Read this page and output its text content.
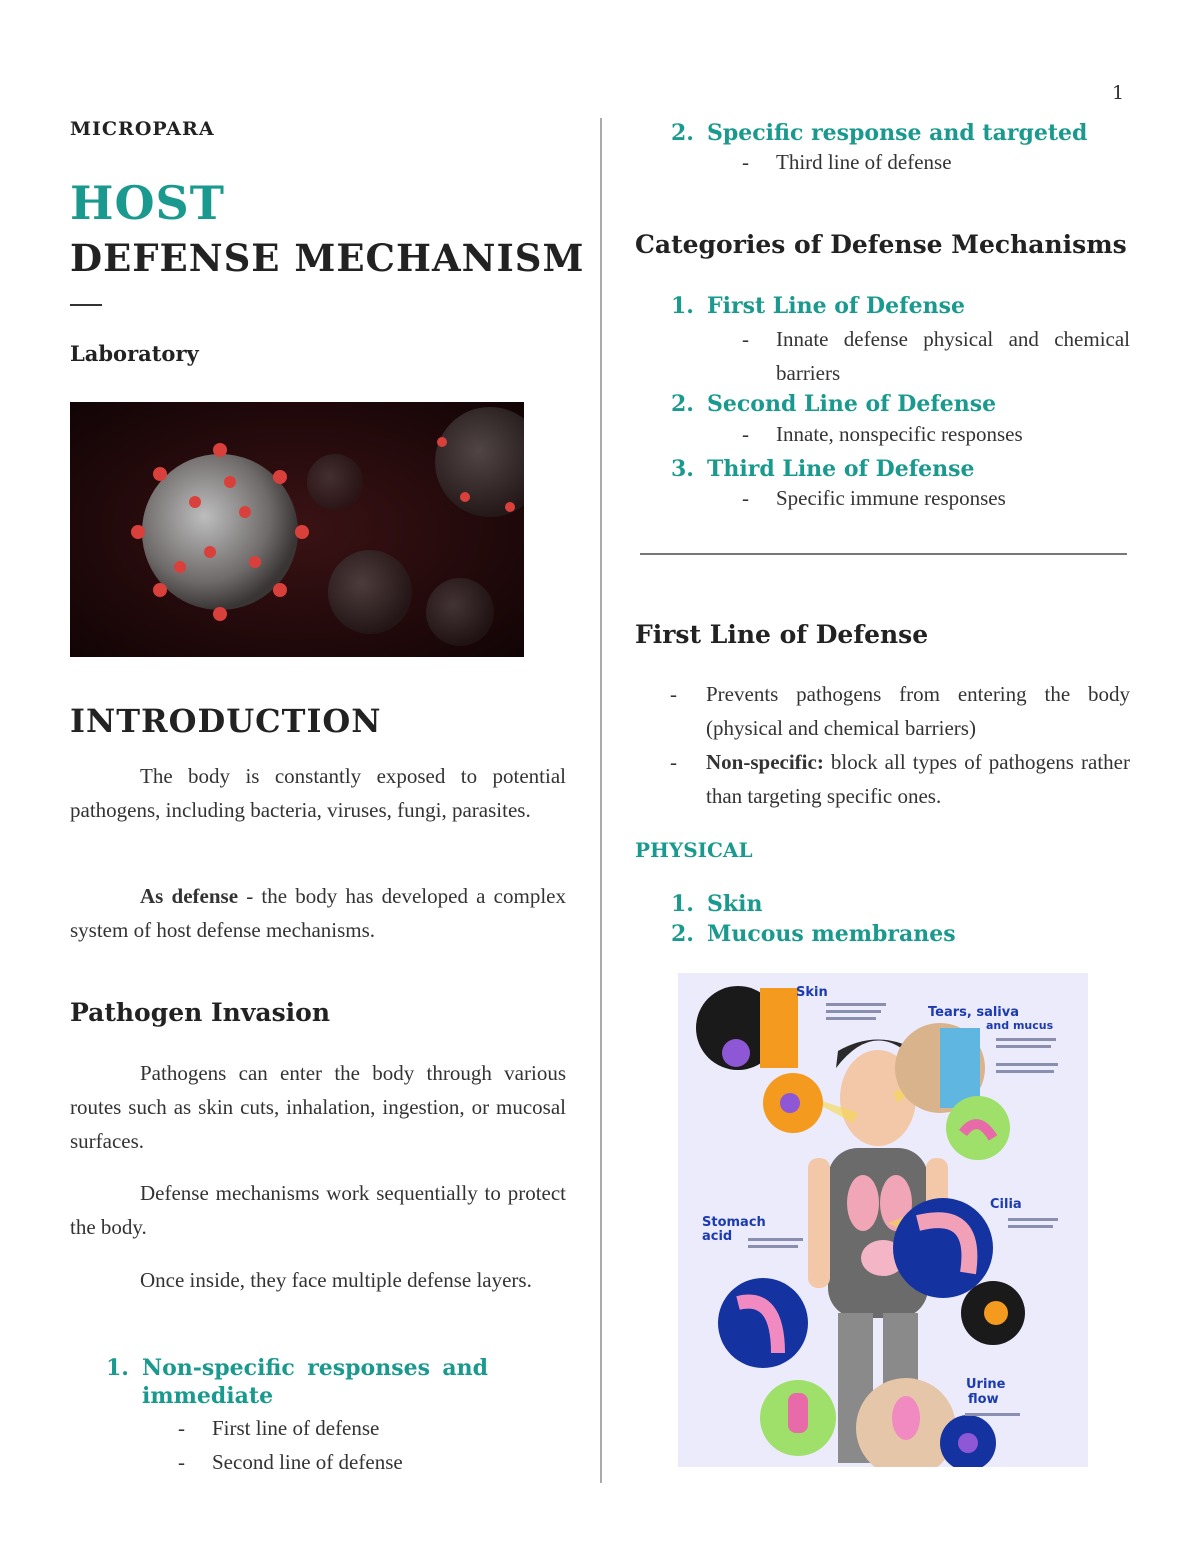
1
MICROPARA
HOST
DEFENSE MECHANISM
Laboratory
INTRODUCTION
The body is constantly exposed to potential pathogens, including bacteria, viruses, fungi, parasites.
As defense - the body has developed a complex system of host defense mechanisms.
Pathogen Invasion
Pathogens can enter the body through various routes such as skin cuts, inhalation, ingestion, or mucosal surfaces.
Defense mechanisms work sequentially to protect the body.
Once inside, they face multiple defense layers.
1. Non-specific responses and
immediate
- First line of defense
- Second line of defense
2. Specific response and targeted
- Third line of defense
Categories of Defense Mechanisms
1. First Line of Defense
-	Innate defense physical and chemical barriers
2. Second Line of Defense
- Innate, nonspecific responses
3. Third Line of Defense
- Specific immune responses
First Line of Defense
-	Prevents pathogens from entering the body (physical and chemical barriers)
-	Non-specific: block all types of pathogens rather than targeting specific ones.
PHYSICAL
1. Skin
2. Mucous membranes
Skin
Tears, saliva
and mucus
Cilia
Stomach
acid
Urine
flow
